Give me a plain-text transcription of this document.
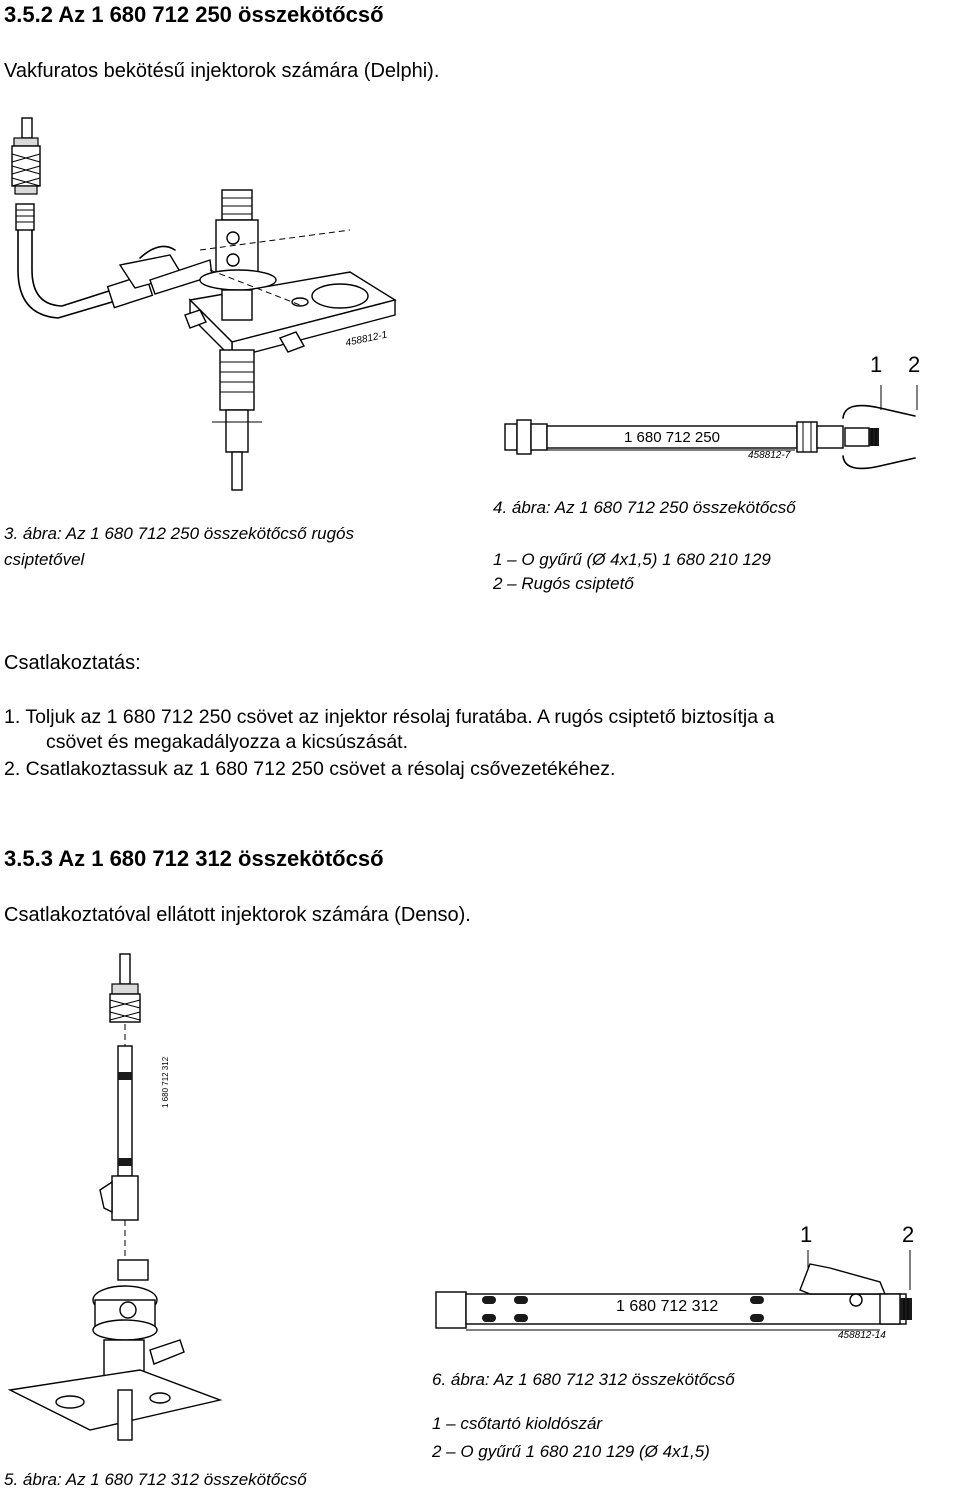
3.5.2 Az 1 680 712 250 összekötőcső
Vakfuratos bekötésű injektorok számára (Delphi).
458812-1
3. ábra: Az 1 680 712 250 összekötőcső rugós
csiptetővel
1 2
1 680 712 250
458812-7
4. ábra: Az 1 680 712 250 összekötőcső
1 – O gyűrű (Ø 4x1,5) 1 680 210 129
2 – Rugós csiptető
Csatlakoztatás:
1. Toljuk az 1 680 712 250 csövet az injektor résolaj furatába. A rugós csiptető biztosítja a
csövet és megakadályozza a kicsúszását.
2. Csatlakoztassuk az 1 680 712 250 csövet a résolaj csővezetékéhez.
3.5.3 Az 1 680 712 312 összekötőcső
Csatlakoztatóval ellátott injektorok számára (Denso).
1 680 712 312
5. ábra: Az 1 680 712 312 összekötőcső
1	2
1 680 712 312
458812-14
6. ábra: Az 1 680 712 312 összekötőcső
1 – csőtartó kioldószár
2 – O gyűrű 1 680 210 129 (Ø 4x1,5)
